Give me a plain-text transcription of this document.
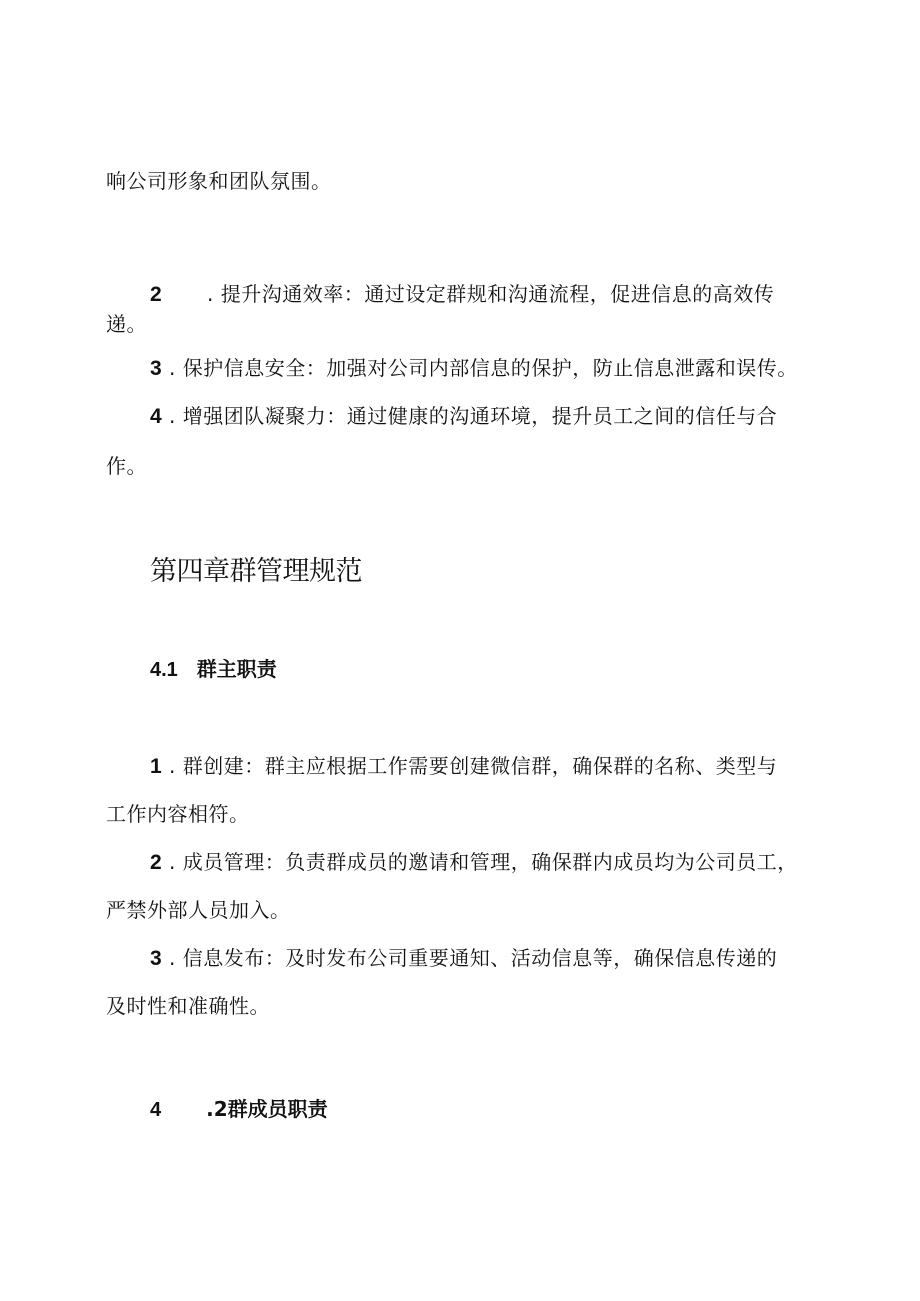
响公司形象和团队氛围。
2 . 提升沟通效率：通过设定群规和沟通流程，促进信息的高效传
递。
3 . 保护信息安全：加强对公司内部信息的保护，防止信息泄露和误传。
4 . 增强团队凝聚力：通过健康的沟通环境，提升员工之间的信任与合
作。
第四章群管理规范
4.1 群主职责
1 . 群创建：群主应根据工作需要创建微信群，确保群的名称、类型与
工作内容相符。
2 . 成员管理：负责群成员的邀请和管理，确保群内成员均为公司员工，
严禁外部人员加入。
3 . 信息发布：及时发布公司重要通知、活动信息等，确保信息传递的
及时性和准确性。
4 .2群成员职责
